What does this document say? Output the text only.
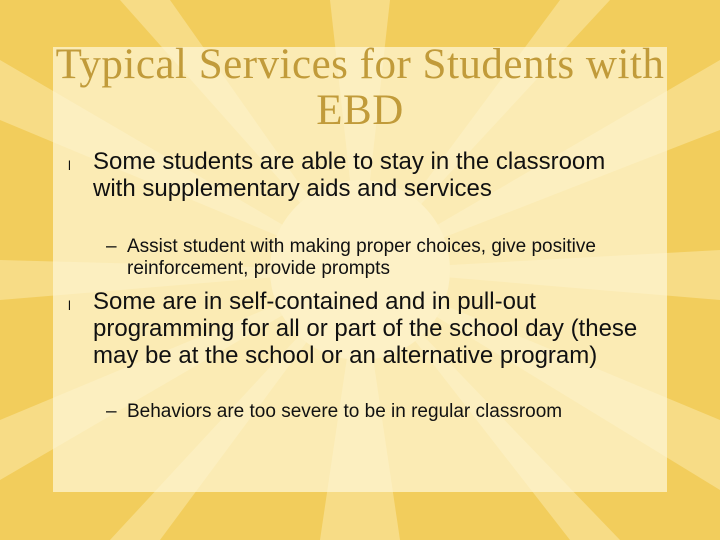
Typical Services for Students with EBD
l Some students are able to stay in the classroom with supplementary aids and services
– Assist student with making proper choices, give positive reinforcement, provide prompts
l Some are in self-contained and in pull-out programming for all or part of the school day (these may be at the school or an alternative program)
– Behaviors are too severe to be in regular classroom
